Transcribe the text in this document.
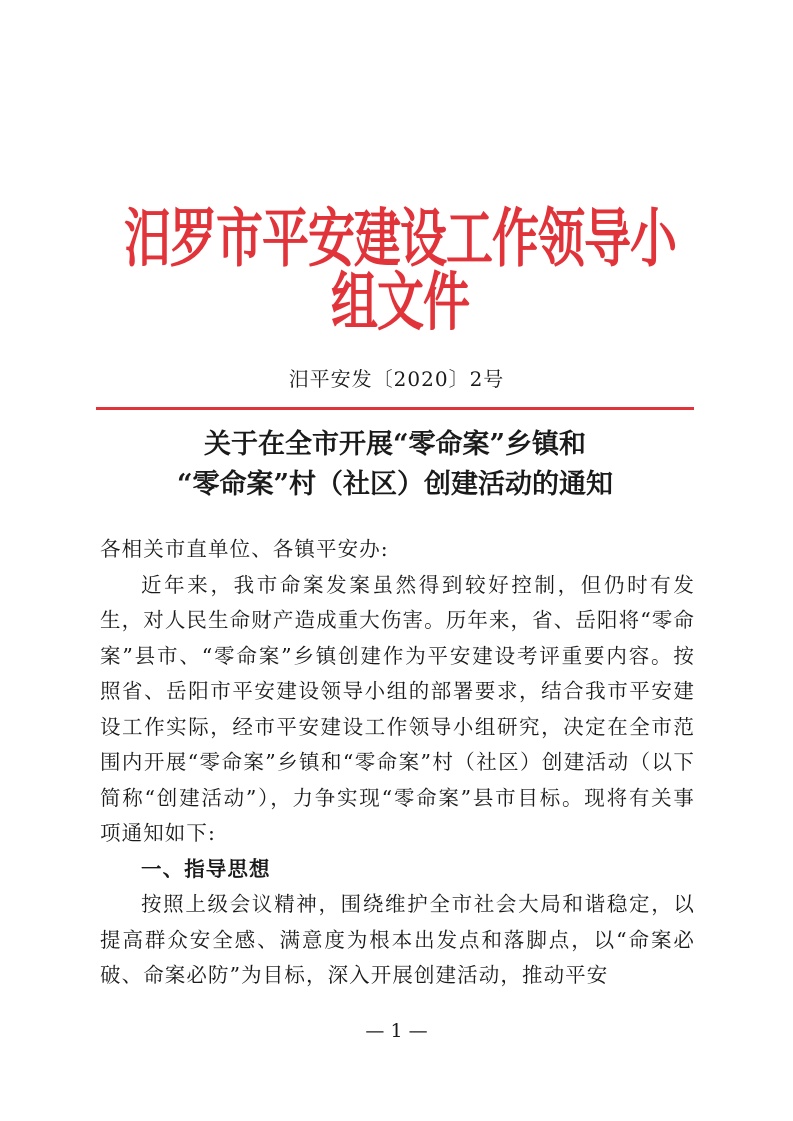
汨罗市平安建设工作领导小组文件
汨平安发〔2020〕2号
关于在全市开展“零命案”乡镇和
“零命案”村（社区）创建活动的通知

各相关市直单位、各镇平安办:

近年来，我市命案发案虽然得到较好控制，但仍时有发生，对人民生命财产造成重大伤害。历年来，省、岳阳将“零命案”县市、“零命案”乡镇创建作为平安建设考评重要内容。按照省、岳阳市平安建设领导小组的部署要求，结合我市平安建设工作实际，经市平安建设工作领导小组研究，决定在全市范围内开展“零命案”乡镇和“零命案”村（社区）创建活动（以下简称“创建活动”），力争实现“零命案”县市目标。现将有关事项通知如下:

一、指导思想

按照上级会议精神，围绕维护全市社会大局和谐稳定，以提高群众安全感、满意度为根本出发点和落脚点，以“命案必破、命案必防”为目标，深入开展创建活动，推动平安

— 1 —
